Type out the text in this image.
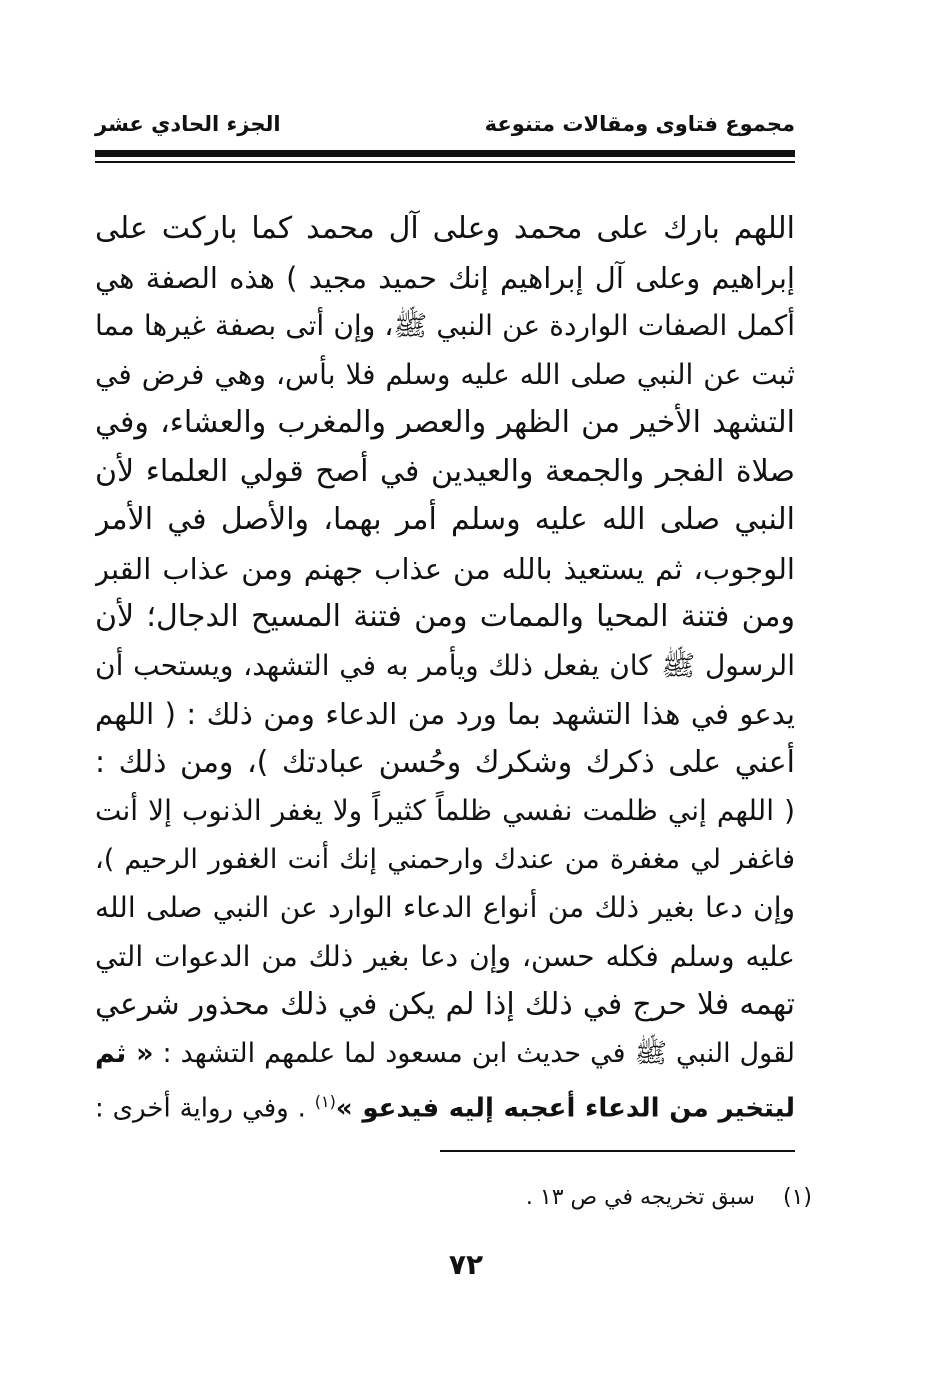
مجموع فتاوى ومقالات متنوعة
الجزء الحادي عشر
اللهم بارك على محمد وعلى آل محمد كما باركت على
إبراهيم وعلى آل إبراهيم إنك حميد مجيد ) هذه الصفة هي
أكمل الصفات الواردة عن النبي ﷺ، وإن أتى بصفة غيرها مما
ثبت عن النبي صلى الله عليه وسلم فلا بأس، وهي فرض في
التشهد الأخير من الظهر والعصر والمغرب والعشاء، وفي
صلاة الفجر والجمعة والعيدين في أصح قولي العلماء لأن
النبي صلى الله عليه وسلم أمر بهما، والأصل في الأمر
الوجوب، ثم يستعيذ بالله من عذاب جهنم ومن عذاب القبر
ومن فتنة المحيا والممات ومن فتنة المسيح الدجال؛ لأن
الرسول ﷺ كان يفعل ذلك ويأمر به في التشهد، ويستحب أن
يدعو في هذا التشهد بما ورد من الدعاء ومن ذلك : ( اللهم
أعني على ذكرك وشكرك وحُسن عبادتك )، ومن ذلك :
( اللهم إني ظلمت نفسي ظلماً كثيراً ولا يغفر الذنوب إلا أنت
فاغفر لي مغفرة من عندك وارحمني إنك أنت الغفور الرحيم )،
وإن دعا بغير ذلك من أنواع الدعاء الوارد عن النبي صلى الله
عليه وسلم فكله حسن، وإن دعا بغير ذلك من الدعوات التي
تهمه فلا حرج في ذلك إذا لم يكن في ذلك محذور شرعي
لقول النبي ﷺ في حديث ابن مسعود لما علمهم التشهد : « ثم
ليتخير من الدعاء أعجبه إليه فيدعو »$^{(١)}$ . وفي رواية أخرى :
(١)    سبق تخريجه في ص ١٣ .
٧٢
